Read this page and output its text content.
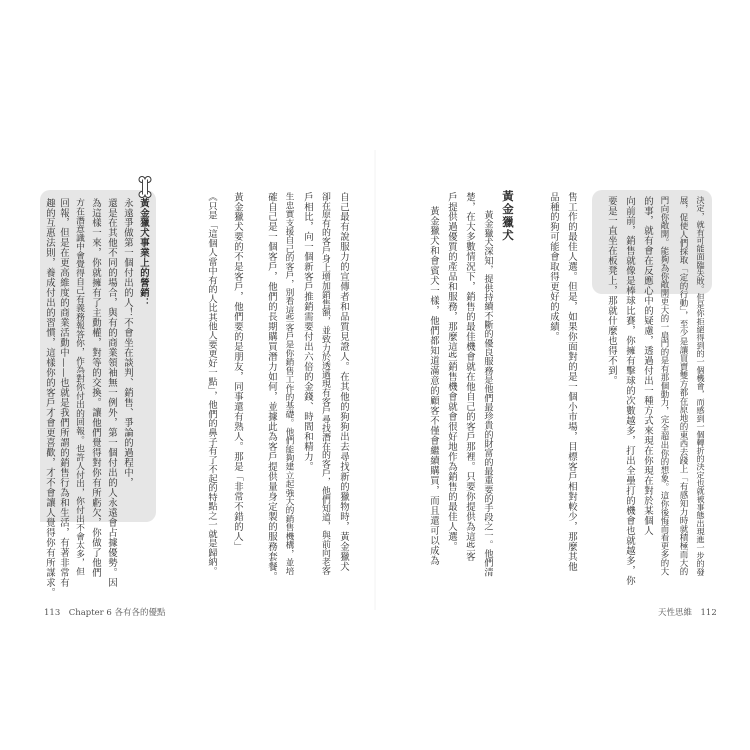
黃金獵犬事業上的營銷：
永遠爭做第一個付出的人！不會坐在談判、銷售、爭論的過程中，
還是在其他不同的場合，與有的商業領袖無一例外，第一個付出的人永遠會占據優勢。因
為這樣一來，你就擁有了主動權，對等的交換。讓他們覺得對你有所虧欠，你做了他們
方在潛意識中會覺得自己有義務報答你，作為對你付出的回報。也許人付出，你付出不會太多，但
回報，但是在更高維度的商業活動中——也就是我們所謂的銷售行為和生活，有著非常有
趣的互惠法則，養成付出的習慣，這樣你的客戶才會更喜歡，才不會讓人覺得你有所謀求。	自己最有說服力的宣傳者和品質見證人。在其他的狗狗出去尋找新的獵物時，黃金獵犬
卻在原有的客戶身上增加銷售額，並致力於透過現有客戶尋找潛在的客戶，他們知道，與前向老客
戶相比，向一個新客戶推銷需要付出六倍的金錢、時間和精力。
生忠實支援自己的客戶，別看這些客戶是你銷售工作的基礎。他們能夠建立起強大的銷售機構，並培
確自己是一個客戶，他們的長期購買潛力如何，並據此為客戶提供量身定製的服務套餐。
黃金獵犬要的不是客戶，他們要的是朋友，同事還有熟人。那是「非常不錯的人」
《只是「這個人當中有的人比其他人要更好一點」，他們的鼻子有了不起的特點之一就是歸納。
113　Chapter 6 各有各的優點
決定，就有可能面臨失敗。但是你拒絕得到的一個機會，而感到一個轉折的決定也就被事態出現進一步的發
展，促使人們採取「定的行動」，至少是讓買賣雙方都在原地的東西去踐上「有感知力時就積極而大的
門向你敞開。能夠為你敞開更大的一扇門的是有那個動力，完全超出你的想象。這你後悔而看更多的大
的事，就有會在反應心中的疑慮，透過付出一種方式來現在你現在對於某個人
向前前，銷售就像是棒球比賽，你擁有擊球的次數越多，打出全壘打的機會也就越多，你
要是一直坐在板凳上，那就什麼也得不到。
售工作的最佳人選。但是，如果你面對的是一個小市場，目標客戶相對較少，那麼其他
品種的狗可能會取得更好的成績。
黃金獵犬
黃金獵犬深知，提供持續不斷的優良服務是他們最珍貴的財富的最重要的手段之一。他們清
楚，在大多數情況下，銷售的最佳機會就在他自己的客戶那裡。只要你提供為這些客
戶提供過優質的產品和服務，那麼這些銷售機會就會很好地作為銷售的最佳人選。
黃金獵犬和會賓犬一樣，他們都知道滿意的顧客不僅會繼續購買，而且還可以成為
天性思維　112
